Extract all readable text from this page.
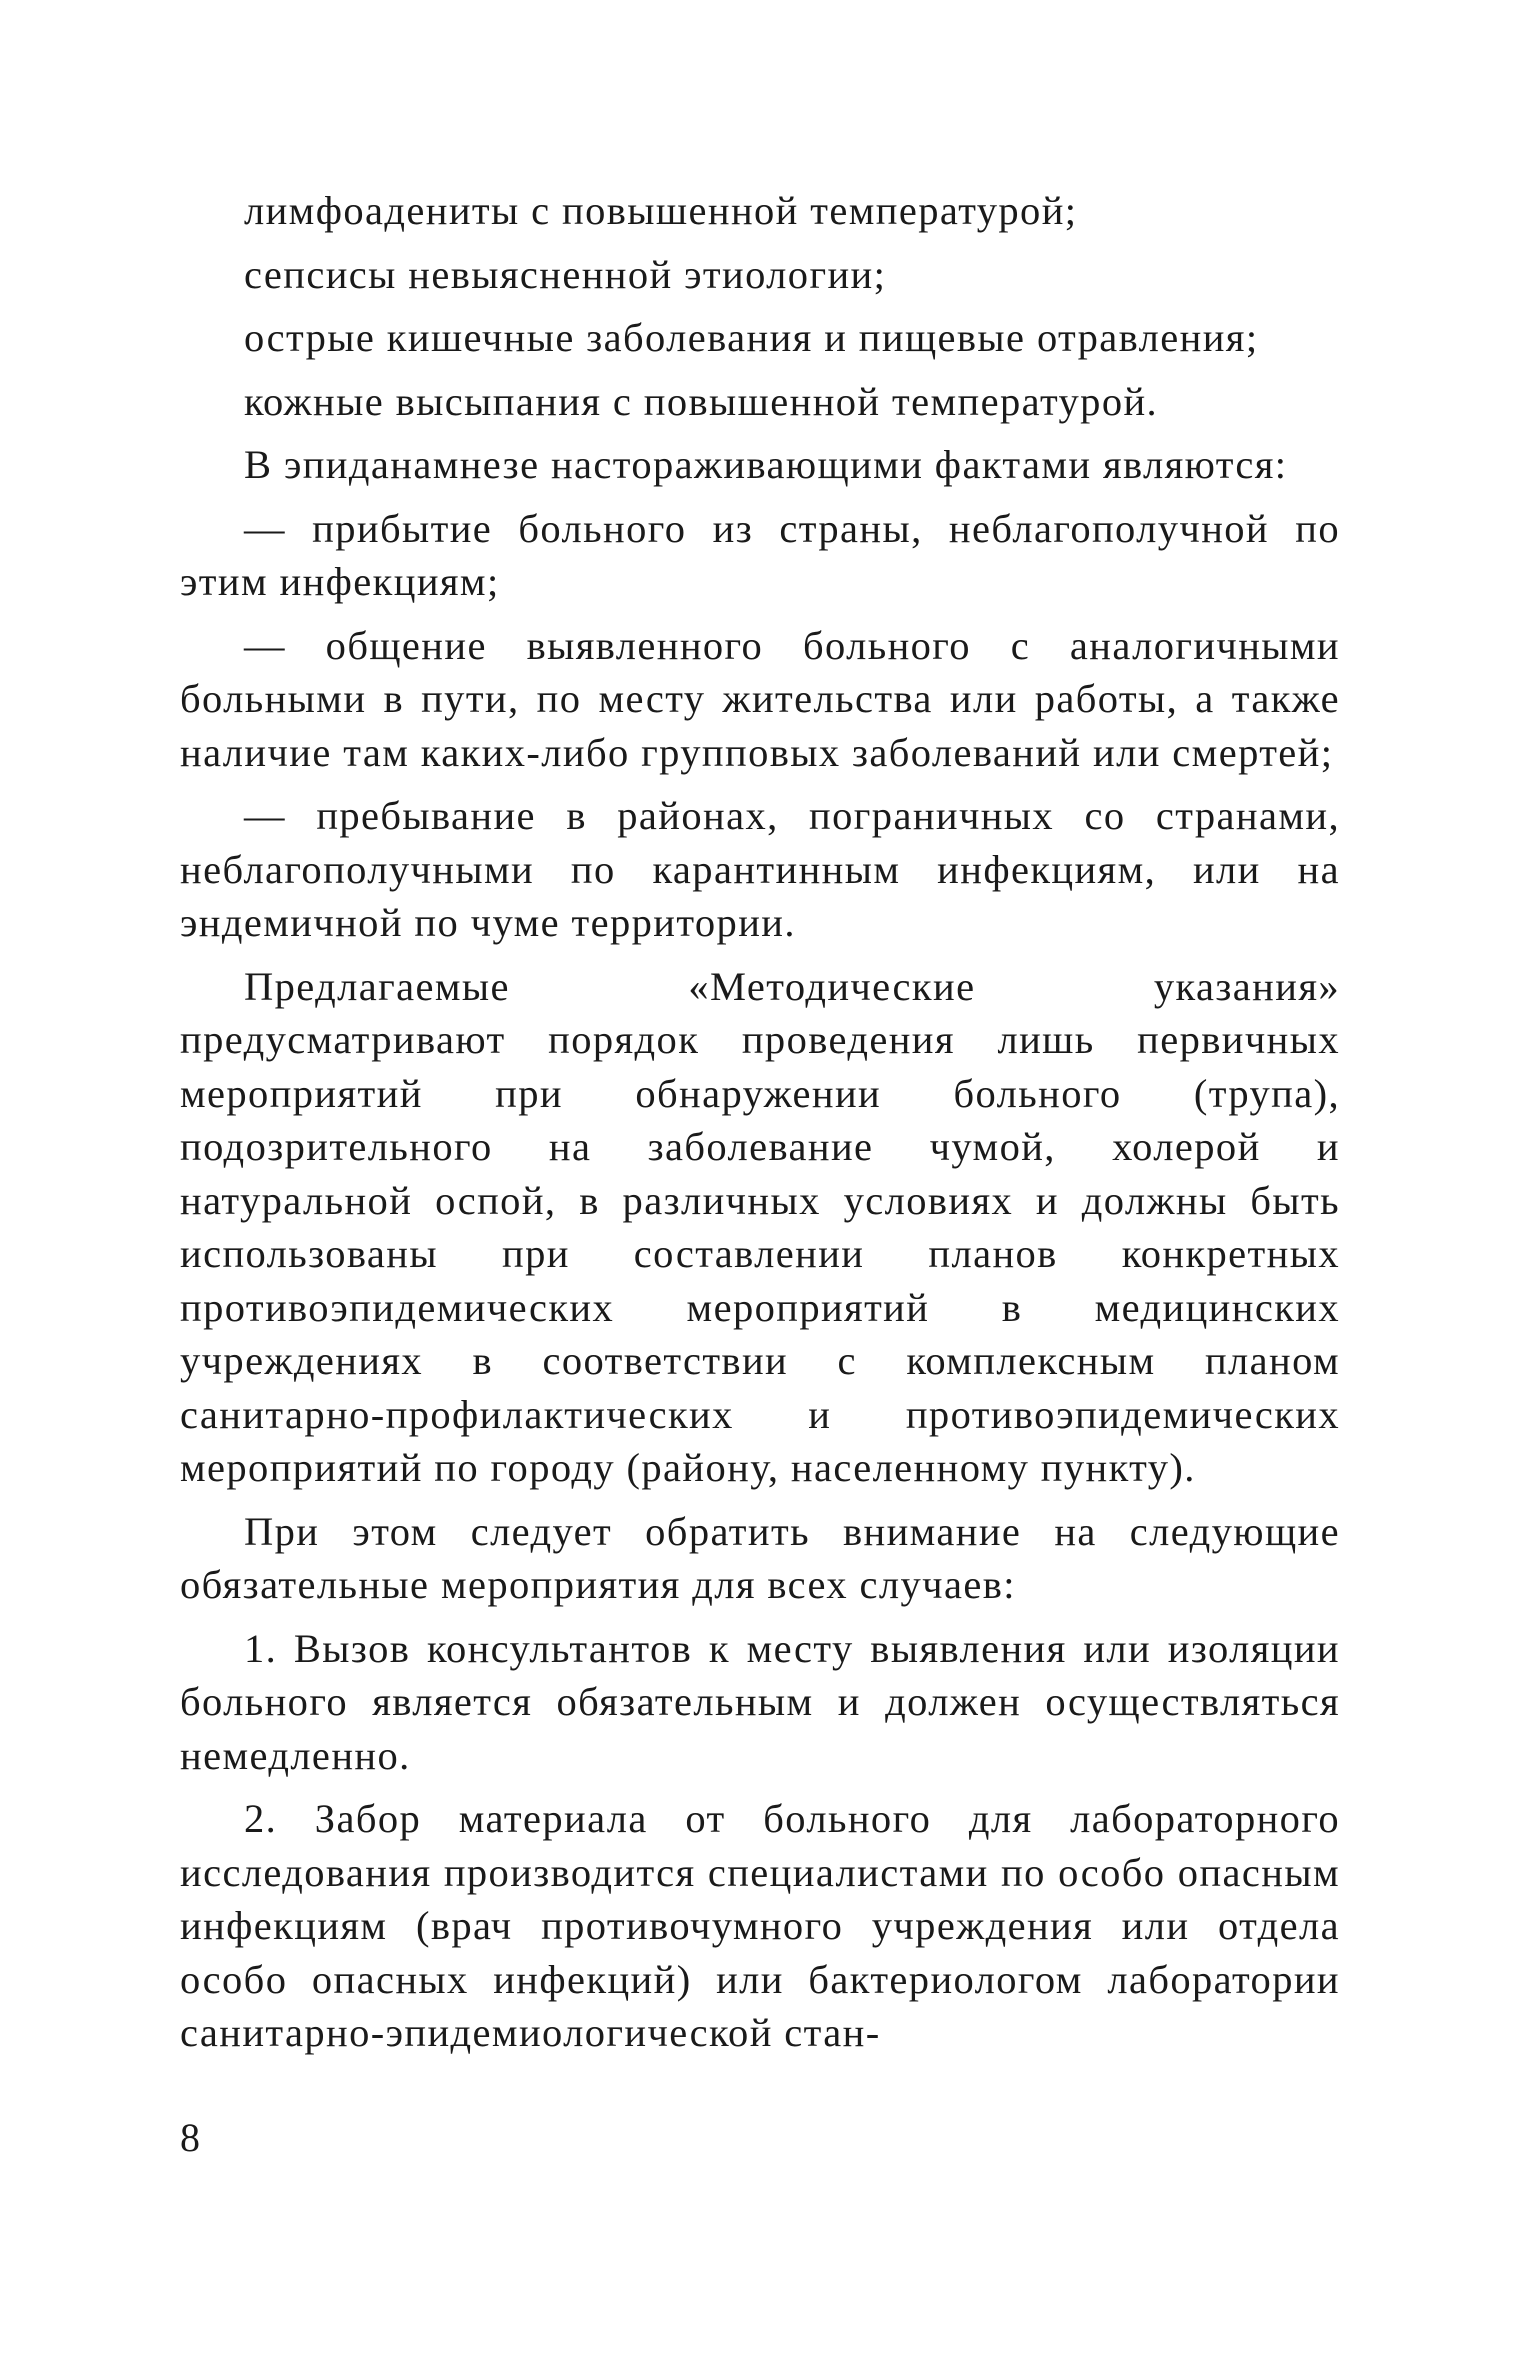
лимфоадениты с повышенной температурой;

сепсисы невыясненной этиологии;

острые кишечные заболевания и пищевые отравления;

кожные высыпания с повышенной температурой.

В эпиданамнезе настораживающими фактами являются:

— прибытие больного из страны, неблагополучной по этим инфекциям;

— общение выявленного больного с аналогичными больными в пути, по месту жительства или работы, а также наличие там каких-либо групповых заболеваний или смертей;

— пребывание в районах, пограничных со странами, неблагополучными по карантинным инфекциям, или на эндемичной по чуме территории.

Предлагаемые «Методические указания» предусматривают порядок проведения лишь первичных мероприятий при обнаружении больного (трупа), подозрительного на заболевание чумой, холерой и натуральной оспой, в различных условиях и должны быть использованы при составлении планов конкретных противоэпидемических мероприятий в медицинских учреждениях в соответствии с комплексным планом санитарно-профилактических и противоэпидемических мероприятий по городу (району, населенному пункту).

При этом следует обратить внимание на следующие обязательные мероприятия для всех случаев:

1. Вызов консультантов к месту выявления или изоляции больного является обязательным и должен осуществляться немедленно.

2. Забор материала от больного для лабораторного исследования производится специалистами по особо опасным инфекциям (врач противочумного учреждения или отдела особо опасных инфекций) или бактериологом лаборатории санитарно-эпидемиологической стан-

8
